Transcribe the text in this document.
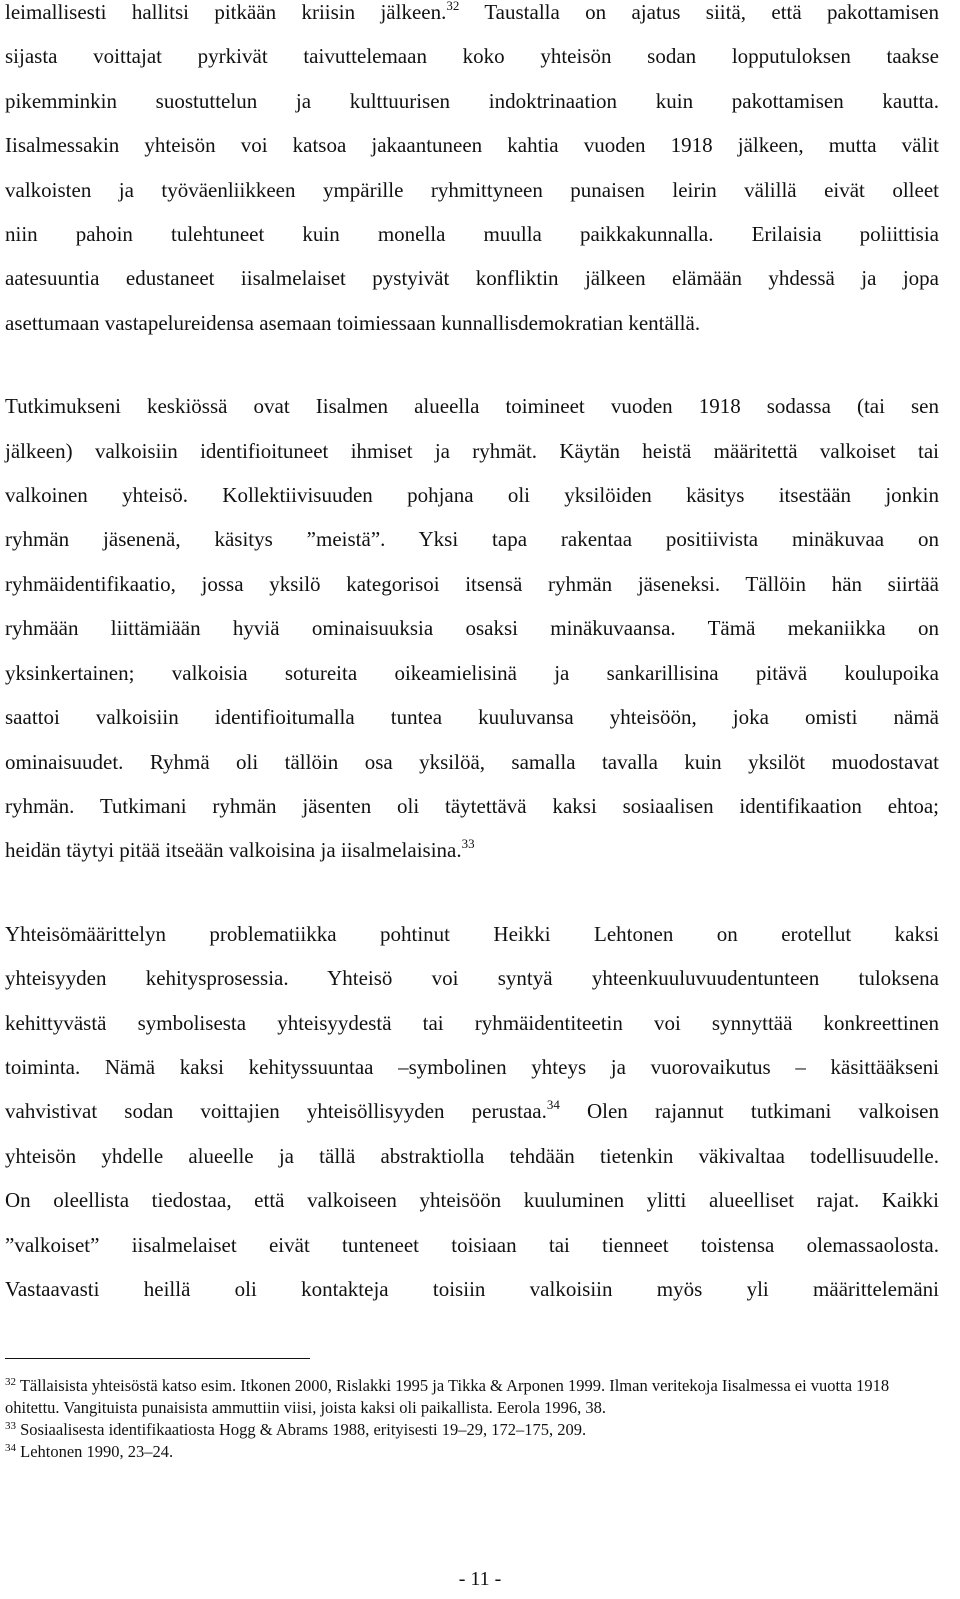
leimallisesti hallitsi pitkään kriisin jälkeen.$^{32}$ Taustalla on ajatus siitä, että pakottamisen
sijasta voittajat pyrkivät taivuttelemaan koko yhteisön sodan lopputuloksen taakse
pikemminkin suostuttelun ja kulttuurisen indoktrinaation kuin pakottamisen kautta.
Iisalmessakin yhteisön voi katsoa jakaantuneen kahtia vuoden 1918 jälkeen, mutta välit
valkoisten ja työväenliikkeen ympärille ryhmittyneen punaisen leirin välillä eivät olleet
niin pahoin tulehtuneet kuin monella muulla paikkakunnalla. Erilaisia poliittisia
aatesuuntia edustaneet iisalmelaiset pystyivät konfliktin jälkeen elämään yhdessä ja jopa
asettumaan vastapelureidensa asemaan toimiessaan kunnallisdemokratian kentällä.
Tutkimukseni keskiössä ovat Iisalmen alueella toimineet vuoden 1918 sodassa (tai sen
jälkeen) valkoisiin identifioituneet ihmiset ja ryhmät. Käytän heistä määritettä valkoiset tai
valkoinen yhteisö. Kollektiivisuuden pohjana oli yksilöiden käsitys itsestään jonkin
ryhmän jäsenenä, käsitys ”meistä”. Yksi tapa rakentaa positiivista minäkuvaa on
ryhmäidentifikaatio, jossa yksilö kategorisoi itsensä ryhmän jäseneksi. Tällöin hän siirtää
ryhmään liittämiään hyviä ominaisuuksia osaksi minäkuvaansa. Tämä mekaniikka on
yksinkertainen; valkoisia sotureita oikeamielisinä ja sankarillisina pitävä koulupoika
saattoi valkoisiin identifioitumalla tuntea kuuluvansa yhteisöön, joka omisti nämä
ominaisuudet. Ryhmä oli tällöin osa yksilöä, samalla tavalla kuin yksilöt muodostavat
ryhmän. Tutkimani ryhmän jäsenten oli täytettävä kaksi sosiaalisen identifikaation ehtoa;
heidän täytyi pitää itseään valkoisina ja iisalmelaisina.$^{33}$
Yhteisömäärittelyn problematiikka pohtinut Heikki Lehtonen on erotellut kaksi
yhteisyyden kehitysprosessia. Yhteisö voi syntyä yhteenkuuluvuudentunteen tuloksena
kehittyvästä symbolisesta yhteisyydestä tai ryhmäidentiteetin voi synnyttää konkreettinen
toiminta. Nämä kaksi kehityssuuntaa –symbolinen yhteys ja vuorovaikutus – käsittääkseni
vahvistivat sodan voittajien yhteisöllisyyden perustaa.$^{34}$ Olen rajannut tutkimani valkoisen
yhteisön yhdelle alueelle ja tällä abstraktiolla tehdään tietenkin väkivaltaa todellisuudelle.
On oleellista tiedostaa, että valkoiseen yhteisöön kuuluminen ylitti alueelliset rajat. Kaikki
”valkoiset” iisalmelaiset eivät tunteneet toisiaan tai tienneet toistensa olemassaolosta.
Vastaavasti heillä oli kontakteja toisiin valkoisiin myös yli määrittelemäni

$^{32}$ Tällaisista yhteisöstä katso esim. Itkonen 2000, Rislakki 1995 ja Tikka & Arponen 1999. Ilman veritekoja Iisalmessa ei vuotta 1918 ohitettu. Vangituista punaisista ammuttiin viisi, joista kaksi oli paikallista. Eerola 1996, 38.

$^{33}$ Sosiaalisesta identifikaatiosta Hogg & Abrams 1988, erityisesti 19–29, 172–175, 209.

$^{34}$ Lehtonen 1990, 23–24.

- 11 -
